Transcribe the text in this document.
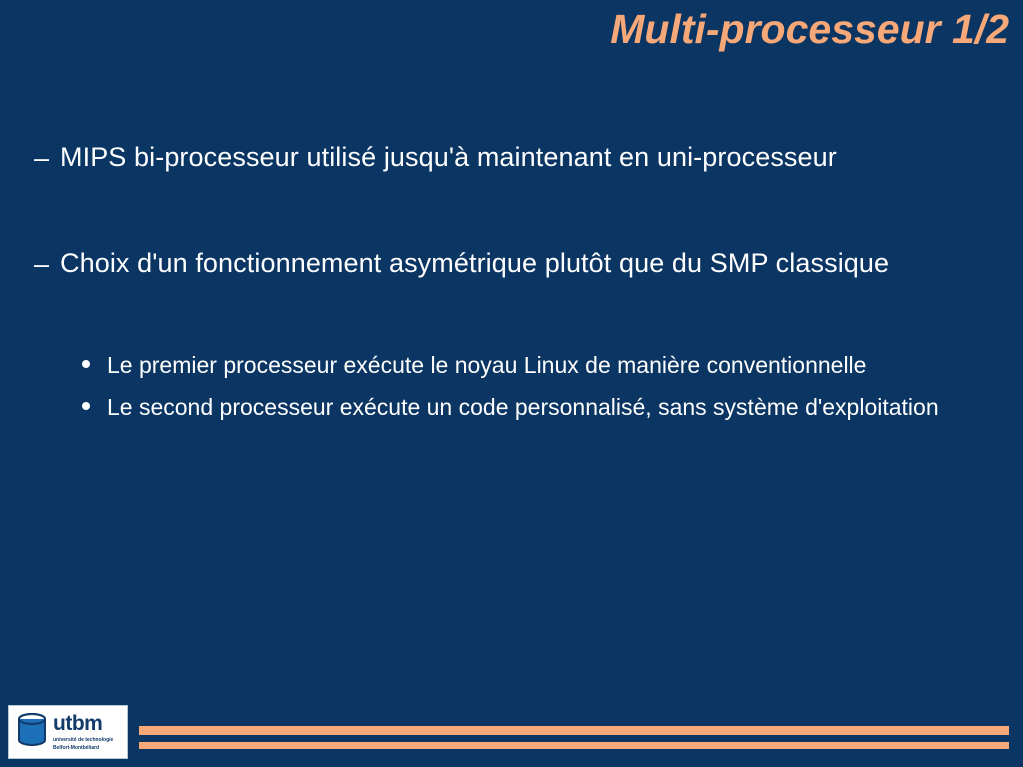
Multi-processeur 1/2
– MIPS bi-processeur utilisé jusqu'à maintenant en uni-processeur
– Choix d'un fonctionnement asymétrique plutôt que du SMP classique
Le premier processeur exécute le noyau Linux de manière conventionnelle
Le second processeur exécute un code personnalisé, sans système d'exploitation
utbm
université de technologie Belfort-Montbéliard
